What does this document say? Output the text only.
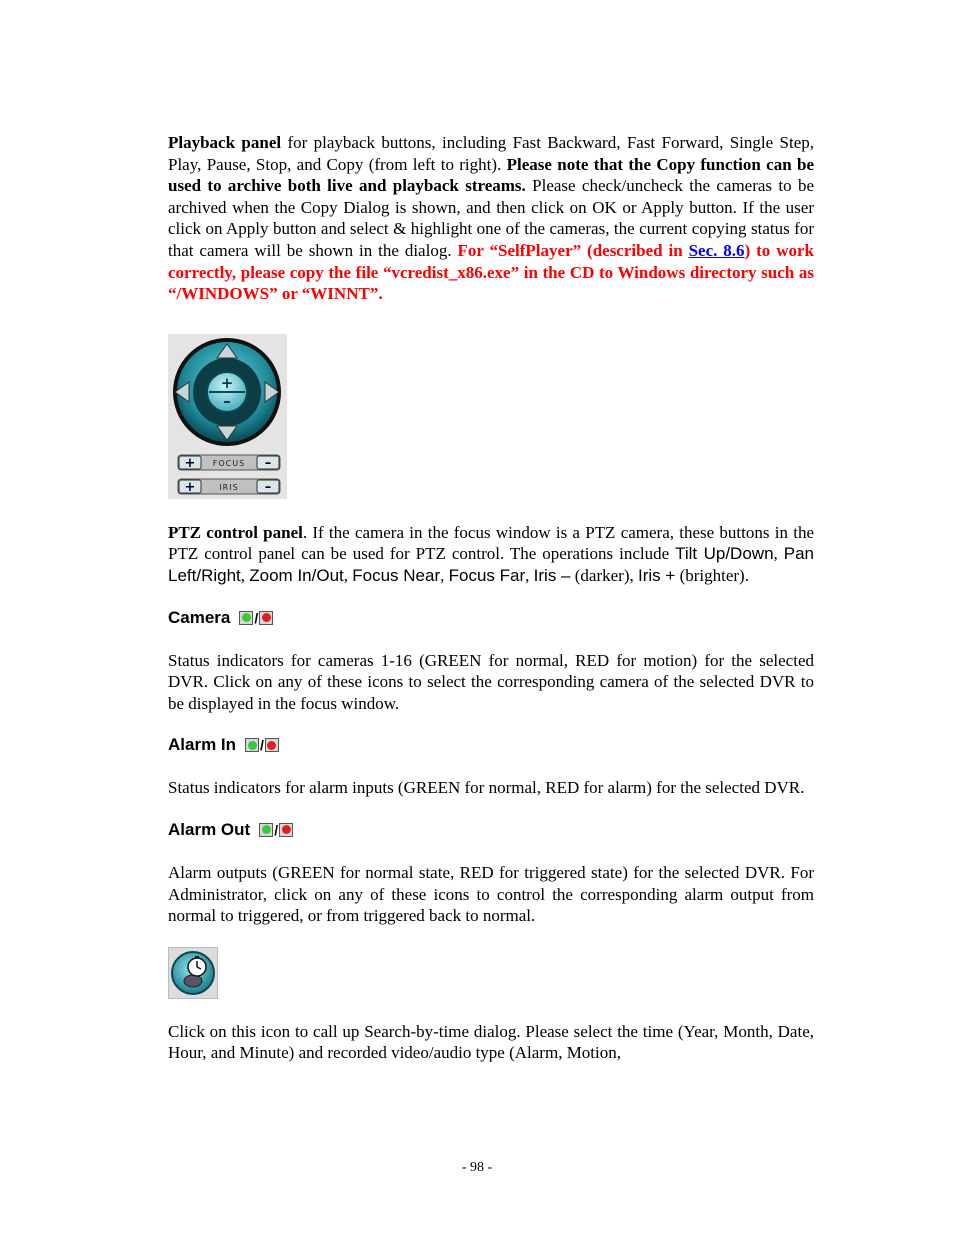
Playback panel for playback buttons, including Fast Backward, Fast Forward, Single Step, Play, Pause, Stop, and Copy (from left to right). Please note that the Copy function can be used to archive both live and playback streams. Please check/uncheck the cameras to be archived when the Copy Dialog is shown, and then click on OK or Apply button. If the user click on Apply button and select & highlight one of the cameras, the current copying status for that camera will be shown in the dialog. For “SelfPlayer” (described in Sec. 8.6) to work correctly, please copy the file “vcredist_x86.exe” in the CD to Windows directory such as “/WINDOWS” or “WINNT”.

+
–
+ FOCUS –
+	IRIS –

PTZ control panel. If the camera in the focus window is a PTZ camera, these buttons in the PTZ control panel can be used for PTZ control. The operations include Tilt Up/Down, Pan Left/Right, Zoom In/Out, Focus Near, Focus Far, Iris – (darker), Iris + (brighter).

Camera /

Status indicators for cameras 1-16 (GREEN for normal, RED for motion) for the selected DVR. Click on any of these icons to select the corresponding camera of the selected DVR to be displayed in the focus window.

Alarm In /

Status indicators for alarm inputs (GREEN for normal, RED for alarm) for the selected DVR.

Alarm Out /

Alarm outputs (GREEN for normal state, RED for triggered state) for the selected DVR. For Administrator, click on any of these icons to control the corresponding alarm output from normal to triggered, or from triggered back to normal.

Click on this icon to call up Search-by-time dialog. Please select the time (Year, Month, Date, Hour, and Minute) and recorded video/audio type (Alarm, Motion,

- 98 -
